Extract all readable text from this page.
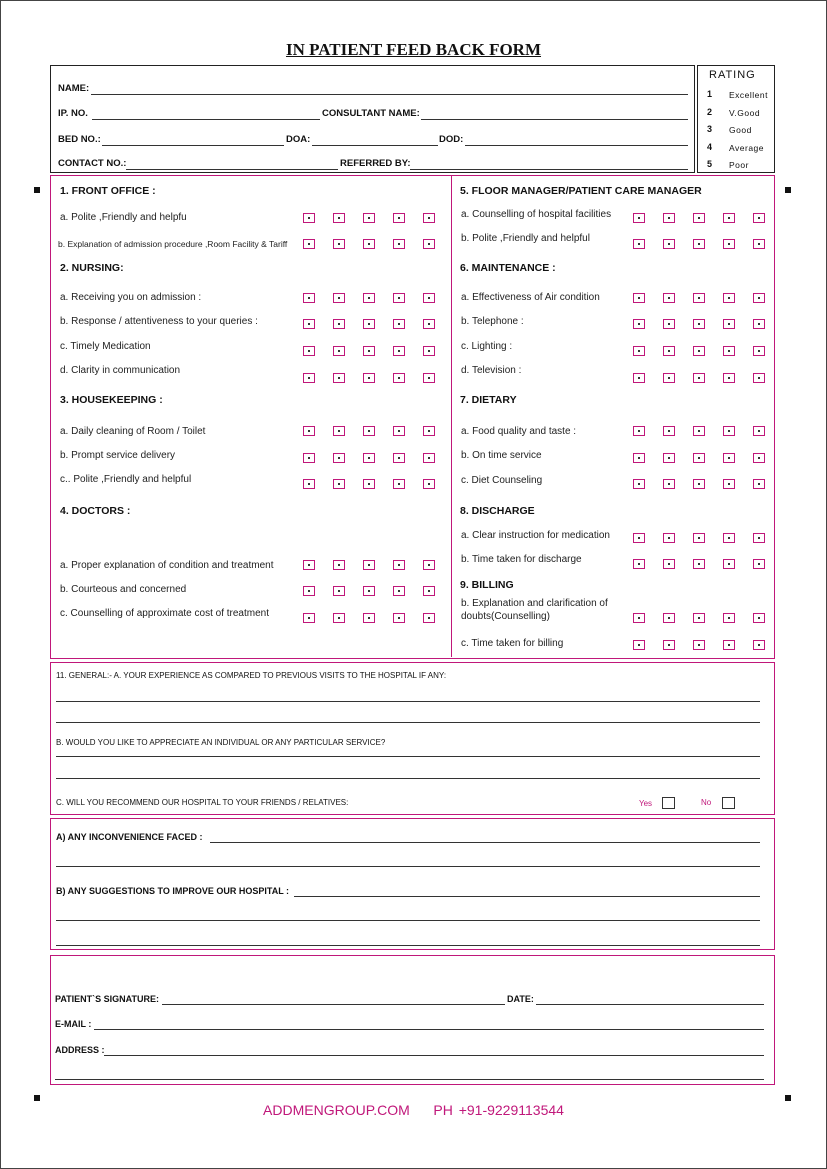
IN PATIENT FEED BACK FORM
NAME:
IP. NO.	CONSULTANT NAME:
BED NO.:	DOA:	DOD:
CONTACT NO.:	REFERRED BY:
RATING
1 Excellent
2 V.Good
3 Good
4 Average
5 Poor
1. FRONT OFFICE :
a. Polite ,Friendly and helpfu
b. Explanation of admission procedure ,Room Facility & Tariff
2. NURSING:
a. Receiving you on admission :
b. Response / attentiveness to your queries :
c. Timely Medication
d. Clarity in communication
3. HOUSEKEEPING :
a. Daily cleaning of Room / Toilet
b. Prompt service delivery
c.. Polite ,Friendly and helpful
4. DOCTORS :
a. Proper explanation of condition and treatment
b. Courteous and concerned
c. Counselling of approximate cost of treatment
5. FLOOR MANAGER/PATIENT CARE MANAGER
a. Counselling of hospital facilities
b. Polite ,Friendly and helpful
6. MAINTENANCE :
a. Effectiveness of Air condition
b. Telephone :
c. Lighting :
d. Television :
7. DIETARY
a. Food quality and taste :
b. On time service
c. Diet Counseling
8. DISCHARGE
a. Clear instruction for medication
b. Time taken for discharge
9. BILLING
b. Explanation and clarification of doubts(Counselling)
c. Time taken for billing
11. GENERAL:- A. YOUR EXPERIENCE AS COMPARED TO PREVIOUS VISITS TO THE HOSPITAL IF ANY:
B. WOULD YOU LIKE TO APPRECIATE AN INDIVIDUAL OR ANY PARTICULAR SERVICE?
C. WILL YOU RECOMMEND OUR HOSPITAL TO YOUR FRIENDS / RELATIVES:	Yes	No
A) ANY INCONVENIENCE FACED :
B) ANY SUGGESTIONS TO IMPROVE OUR HOSPITAL :
PATIENT`S SIGNATURE:	DATE:
E-MAIL :
ADDRESS :
ADDMENGROUP.COM    PH +91-9229113544
